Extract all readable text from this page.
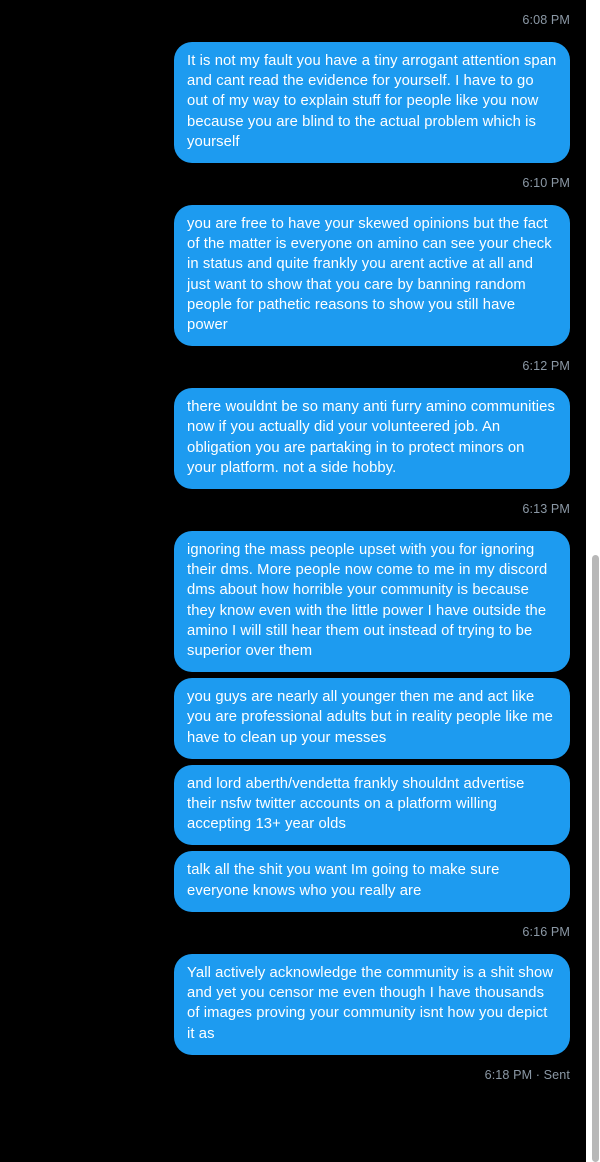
6:08 PM
It is not my fault you have a tiny arrogant attention span and cant read the evidence for yourself. I have to go out of my way to explain stuff for people like you now because you are blind to the actual problem which is yourself
6:10 PM
you are free to have your skewed opinions but the fact of the matter is everyone on amino can see your check in status and quite frankly you arent active at all and just want to show that you care by banning random people for pathetic reasons to show you still have power
6:12 PM
there wouldnt be so many anti furry amino communities now if you actually did your volunteered job. An obligation you are partaking in to protect minors on your platform. not a side hobby.
6:13 PM
ignoring the mass people upset with you for ignoring their dms. More people now come to me in my discord dms about how horrible your community is because they know even with the little power I have outside the amino I will still hear them out instead of trying to be superior over them
you guys are nearly all younger then me and act like you are professional adults but in reality people like me have to clean up your messes
and lord aberth/vendetta frankly shouldnt advertise their nsfw twitter accounts on a platform willing accepting 13+ year olds
talk all the shit you want Im going to make sure everyone knows who you really are
6:16 PM
Yall actively acknowledge the community is a shit show and yet you censor me even though I have thousands of images proving your community isnt how you depict it as
6:18 PM · Sent
